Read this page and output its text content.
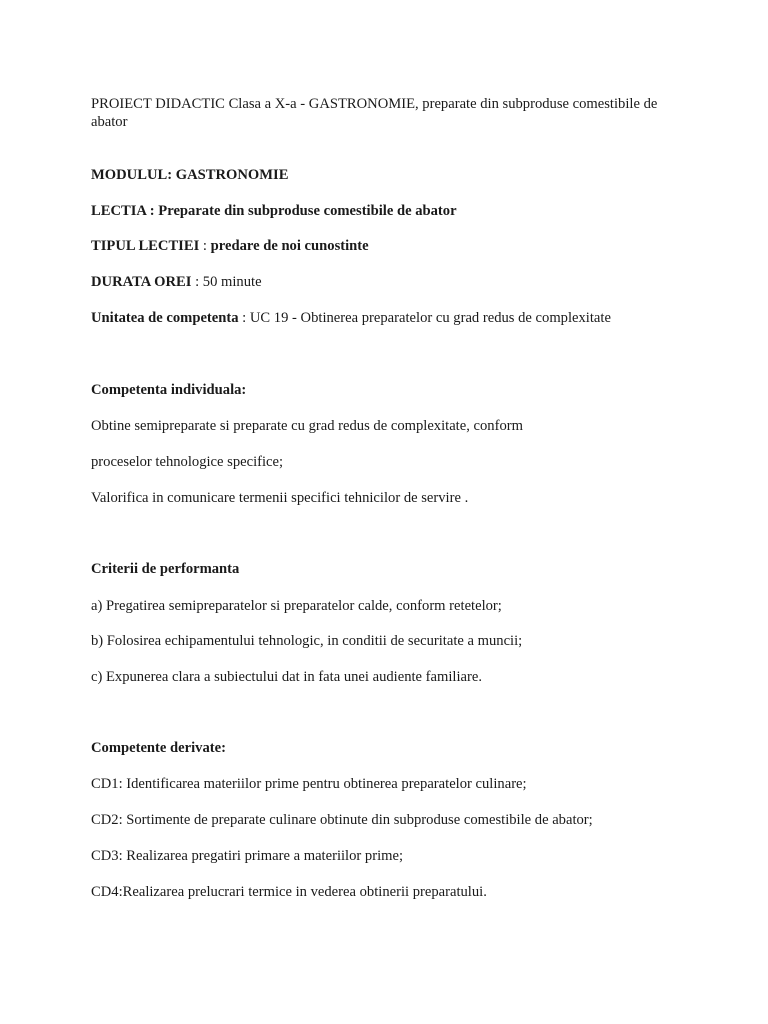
PROIECT DIDACTIC Clasa a X-a - GASTRONOMIE, preparate din subproduse comestibile de
abator
MODULUL: GASTRONOMIE
LECTIA : Preparate din subproduse comestibile de abator
TIPUL LECTIEI : predare de noi cunostinte
DURATA OREI : 50 minute
Unitatea de competenta : UC 19 - Obtinerea preparatelor cu grad redus de complexitate
Competenta individuala:
Obtine semipreparate si preparate cu grad redus de complexitate, conform
proceselor tehnologice specifice;
Valorifica in comunicare termenii specifici tehnicilor de servire .
Criterii de performanta
a) Pregatirea semipreparatelor si preparatelor calde, conform retetelor;
b) Folosirea echipamentului tehnologic, in conditii de securitate a muncii;
c) Expunerea clara a subiectului dat in fata unei audiente familiare.
Competente derivate:
CD1: Identificarea materiilor prime pentru obtinerea preparatelor culinare;
CD2: Sortimente de preparate culinare obtinute din subproduse comestibile de abator;
CD3: Realizarea pregatiri primare a materiilor prime;
CD4:Realizarea prelucrari termice in vederea obtinerii preparatului.
